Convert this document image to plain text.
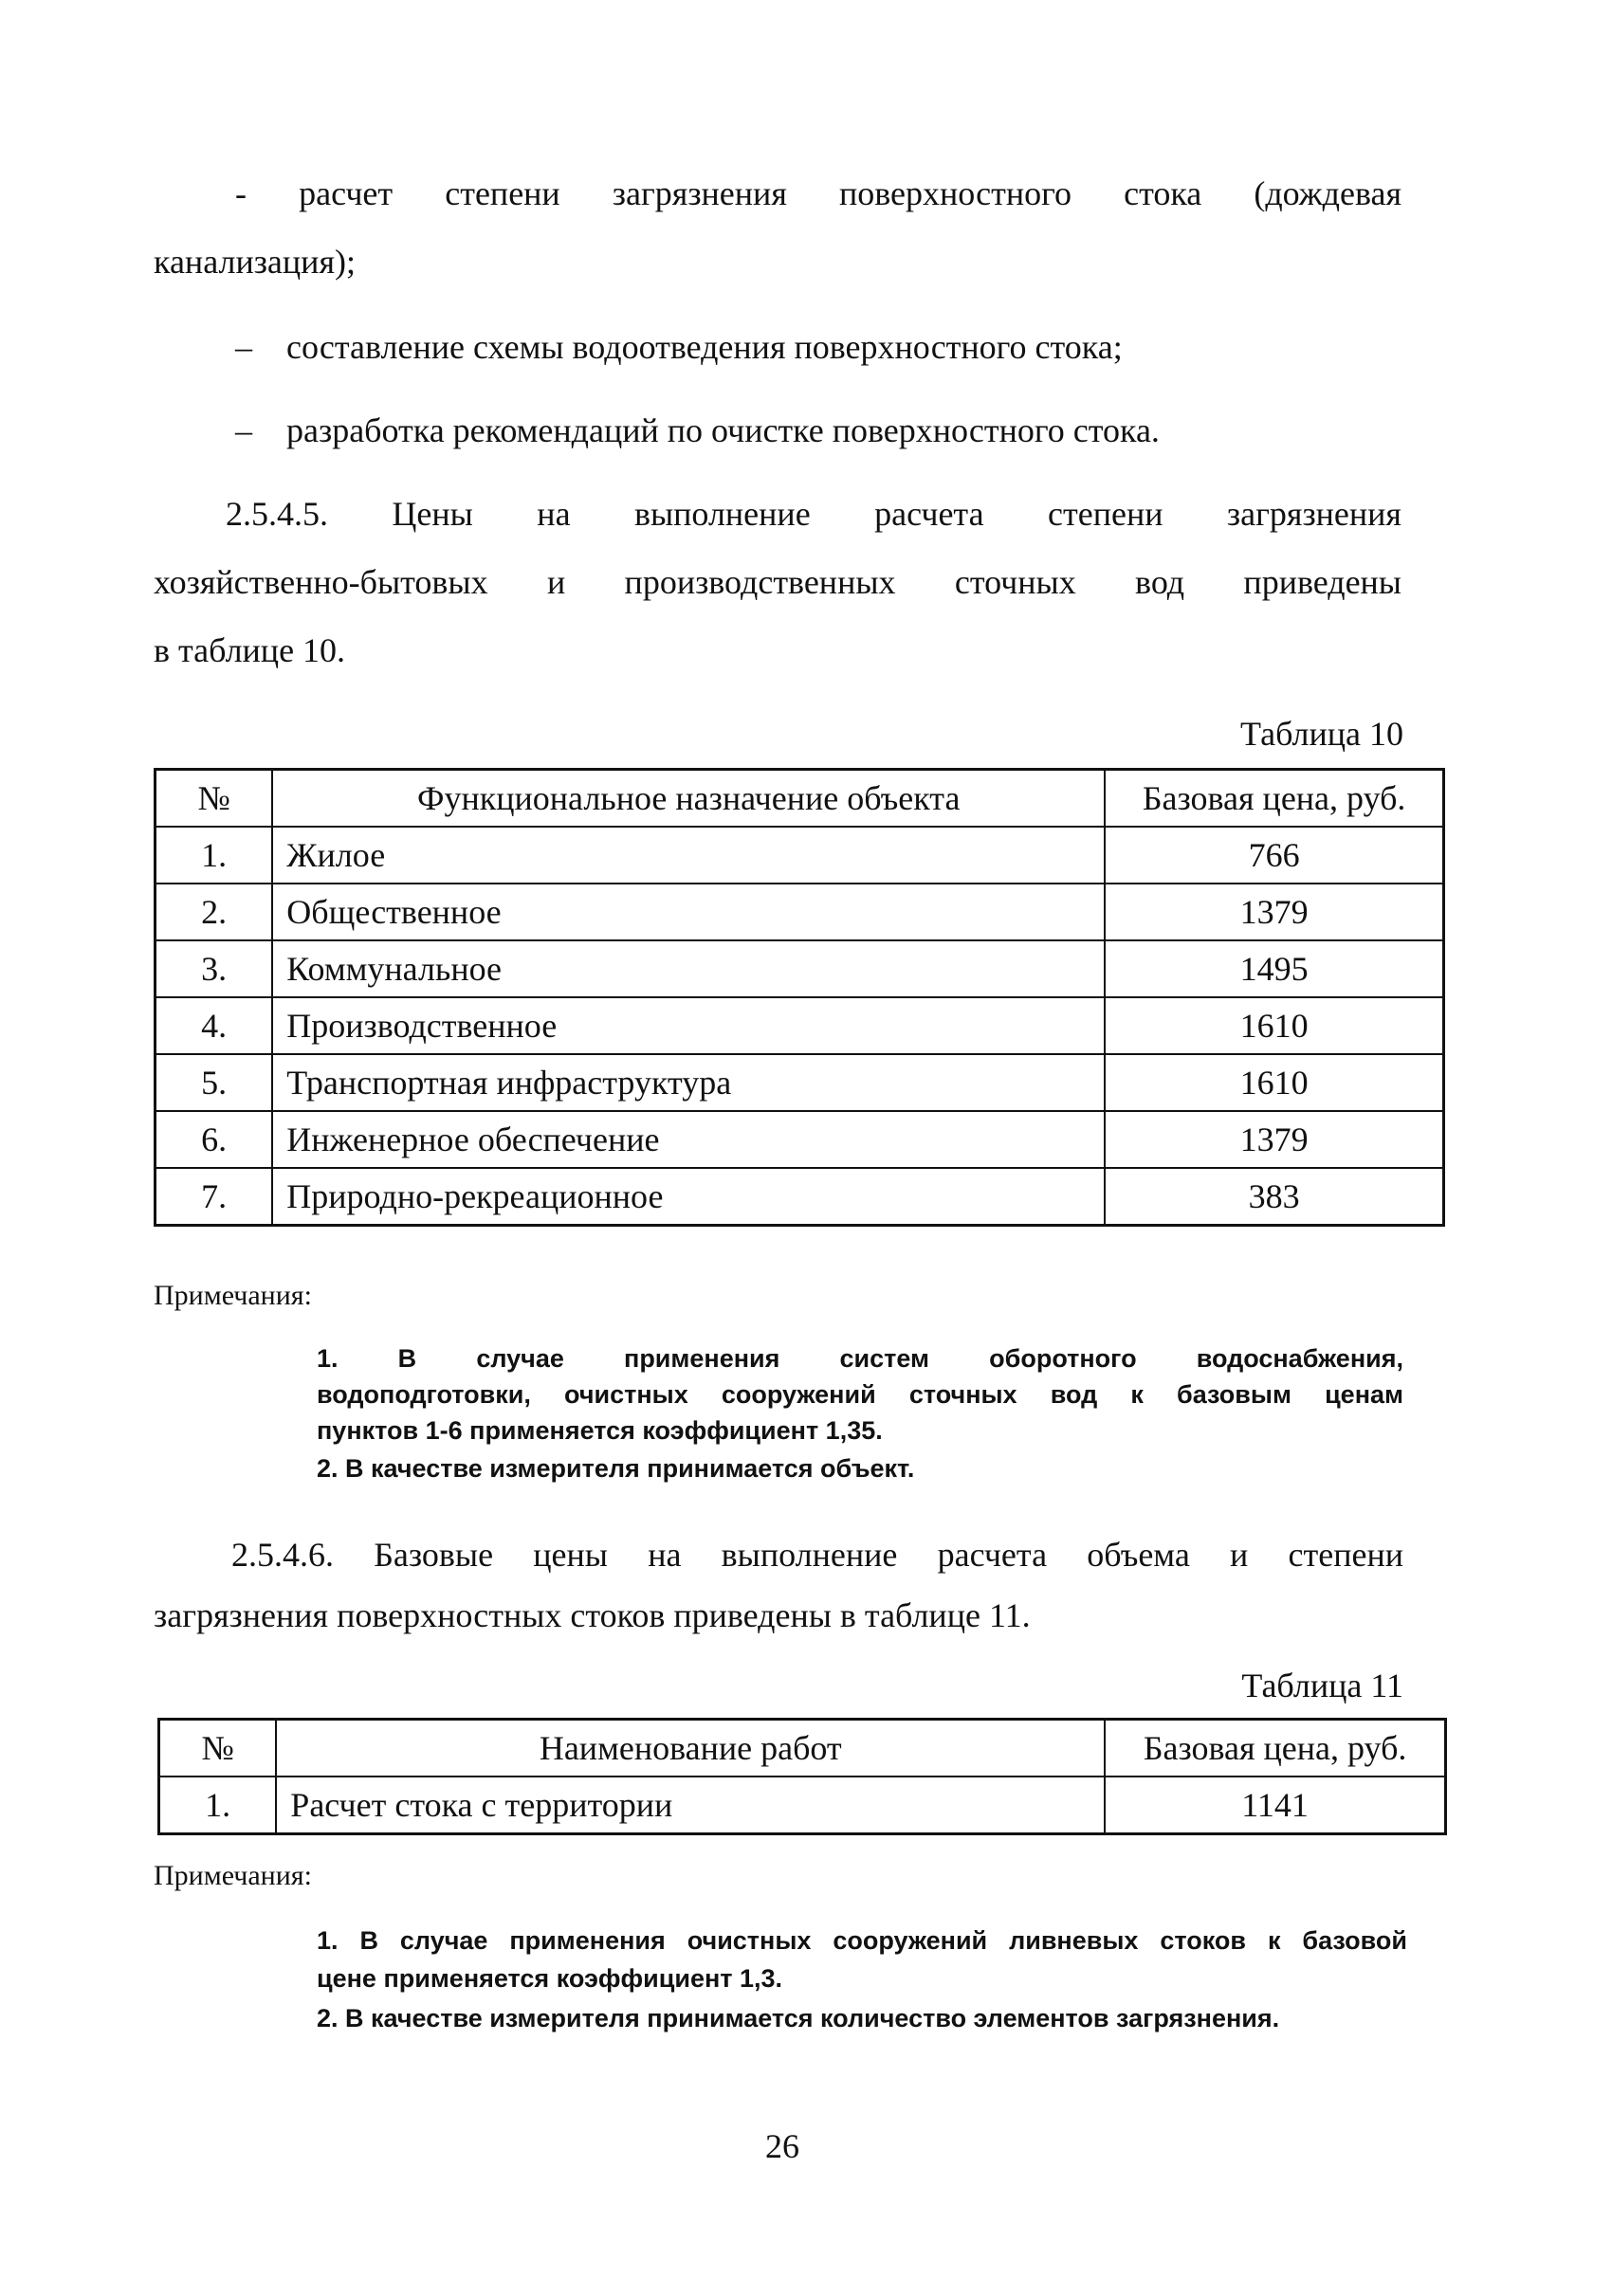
- расчет степени загрязнения поверхностного стока (дождевая
канализация);
– составление схемы водоотведения поверхностного стока;
– разработка рекомендаций по очистке поверхностного стока.
2.5.4.5. Цены на выполнение расчета степени загрязнения
хозяйственно-бытовых и производственных сточных вод приведены
в таблице 10.
Таблица 10
№	Функциональное назначение объекта	Базовая цена, руб.
1.	Жилое	766
2.	Общественное	1379
3.	Коммунальное	1495
4.	Производственное	1610
5.	Транспортная инфраструктура	1610
6.	Инженерное обеспечение	1379
7.	Природно-рекреационное	383
Примечания:
1. В случае применения систем оборотного водоснабжения,
водоподготовки, очистных сооружений сточных вод к базовым ценам
пунктов 1-6 применяется коэффициент 1,35.
2. В качестве измерителя принимается объект.
2.5.4.6. Базовые цены на выполнение расчета объема и степени
загрязнения поверхностных стоков приведены в таблице 11.
Таблица 11
№	Наименование работ	Базовая цена, руб.
1.	Расчет стока с территории	1141
Примечания:
1. В случае применения очистных сооружений ливневых стоков к базовой
цене применяется коэффициент 1,3.
2. В качестве измерителя принимается количество элементов загрязнения.
26
